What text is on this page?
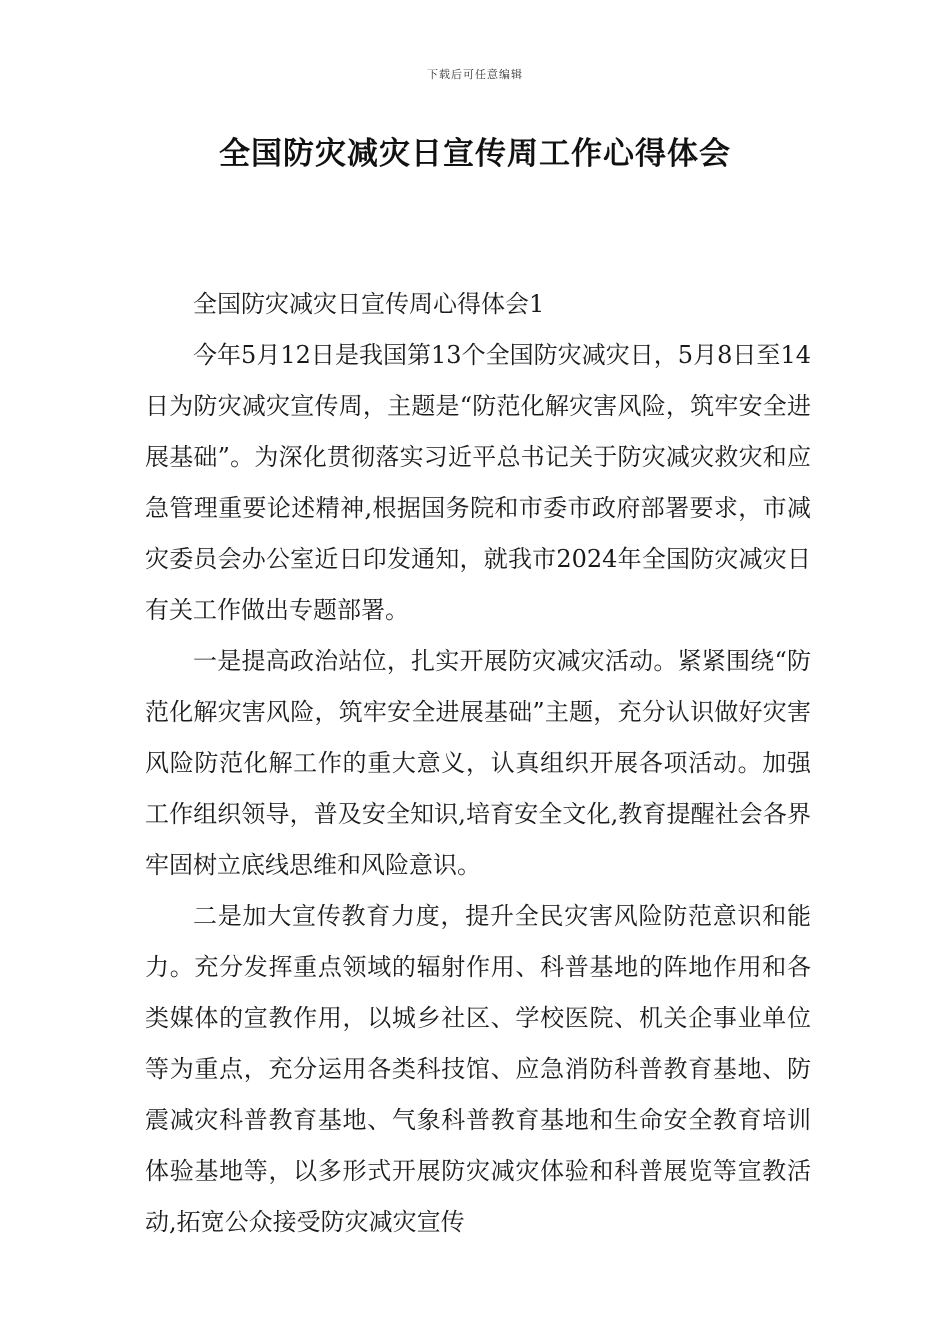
下载后可任意编辑
全国防灾减灾日宣传周工作心得体会

全国防灾减灾日宣传周心得体会1

今年5月12日是我国第13个全国防灾减灾日，5月8日至14日为防灾减灾宣传周，主题是“防范化解灾害风险，筑牢安全进展基础”。为深化贯彻落实习近平总书记关于防灾减灾救灾和应急管理重要论述精神,根据国务院和市委市政府部署要求，市减灾委员会办公室近日印发通知，就我市2024年全国防灾减灾日有关工作做出专题部署。

一是提高政治站位，扎实开展防灾减灾活动。紧紧围绕“防范化解灾害风险，筑牢安全进展基础”主题，充分认识做好灾害风险防范化解工作的重大意义，认真组织开展各项活动。加强工作组织领导，普及安全知识,培育安全文化,教育提醒社会各界牢固树立底线思维和风险意识。

二是加大宣传教育力度，提升全民灾害风险防范意识和能力。充分发挥重点领域的辐射作用、科普基地的阵地作用和各类媒体的宣教作用，以城乡社区、学校医院、机关企事业单位等为重点，充分运用各类科技馆、应急消防科普教育基地、防震减灾科普教育基地、气象科普教育基地和生命安全教育培训体验基地等，以多形式开展防灾减灾体验和科普展览等宣教活动,拓宽公众接受防灾减灾宣传
